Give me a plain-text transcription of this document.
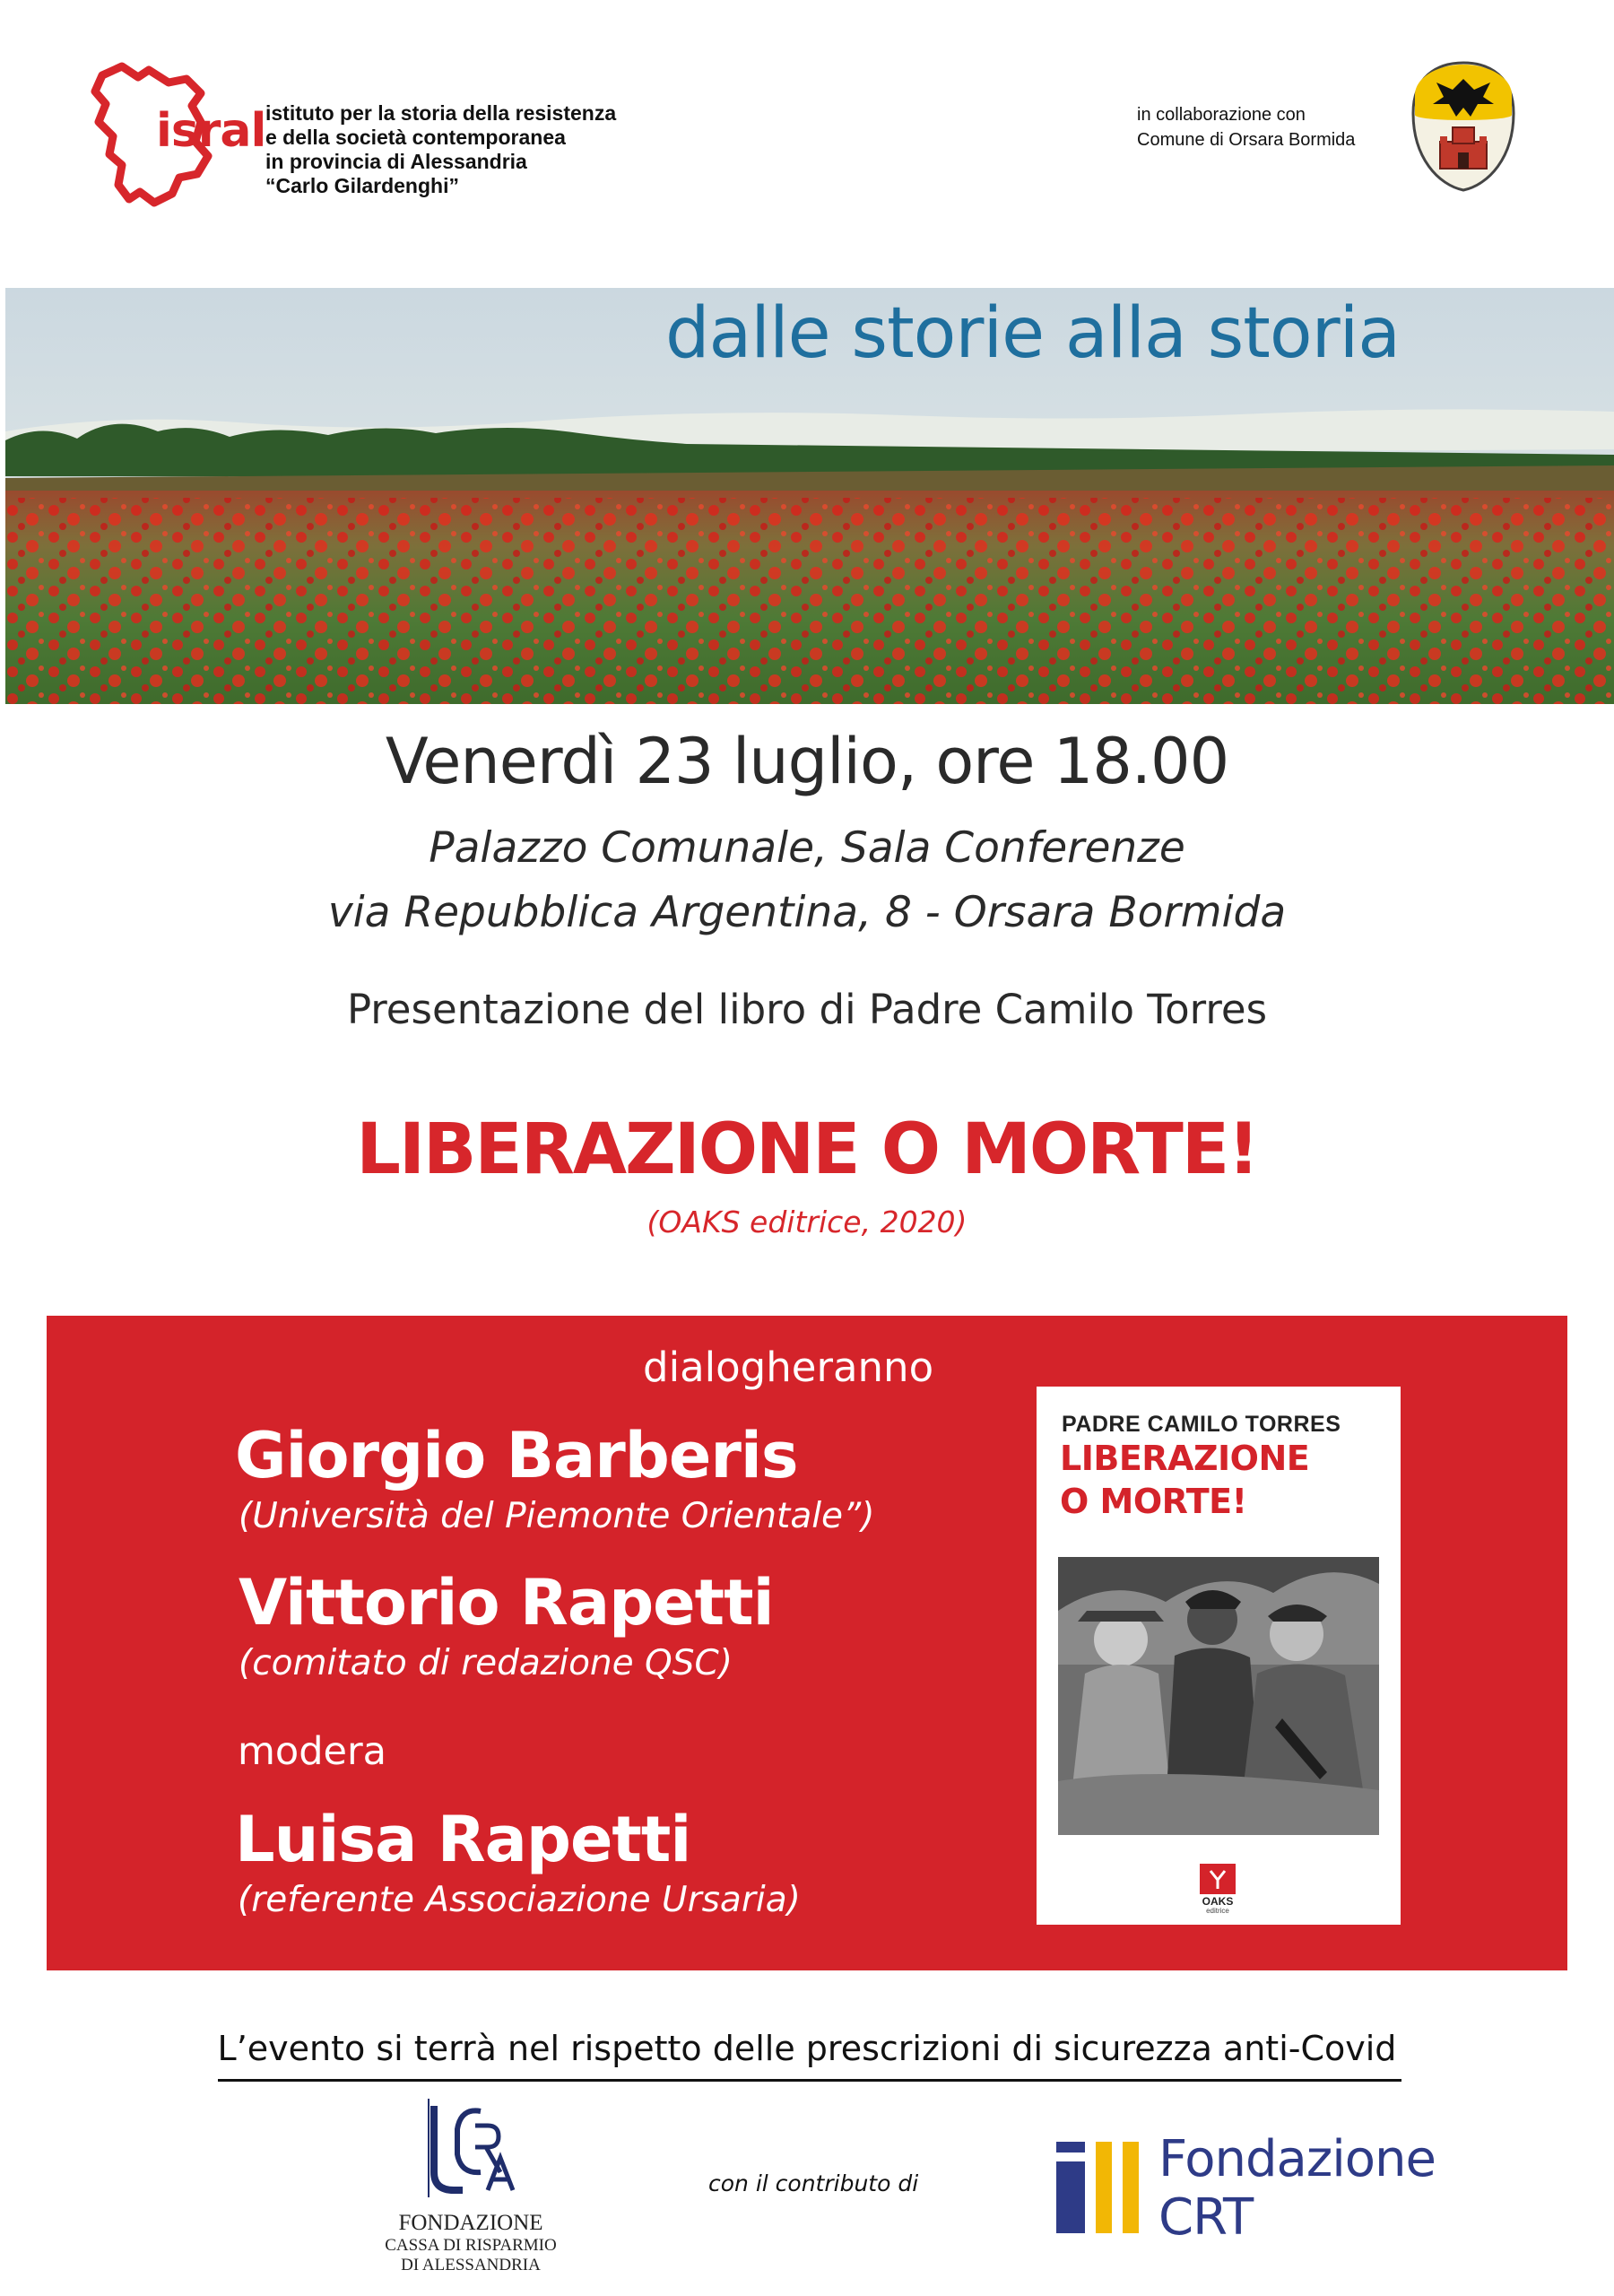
isral istituto per la storia della resistenza
e della società contemporanea
in provincia di Alessandria
“Carlo Gilardenghi”
in collaborazione con
Comune di Orsara Bormida
dalle storie alla storia
Venerdì 23 luglio, ore 18.00
Palazzo Comunale, Sala Conferenze
via Repubblica Argentina, 8 - Orsara Bormida
Presentazione del libro di Padre Camilo Torres
LIBERAZIONE O MORTE!
(OAKS editrice, 2020)
dialogheranno
Giorgio Barberis
(Università del Piemonte Orientale”)
Vittorio Rapetti
(comitato di redazione QSC)
modera
Luisa Rapetti
(referente Associazione Ursaria)
PADRE CAMILO TORRES
LIBERAZIONE
O MORTE!
OAKS
editrice
L’evento si terrà nel rispetto delle prescrizioni di sicurezza anti-Covid
FONDAZIONE
CASSA DI RISPARMIO
DI ALESSANDRIA
con il contributo di	Fondazione
CRT
